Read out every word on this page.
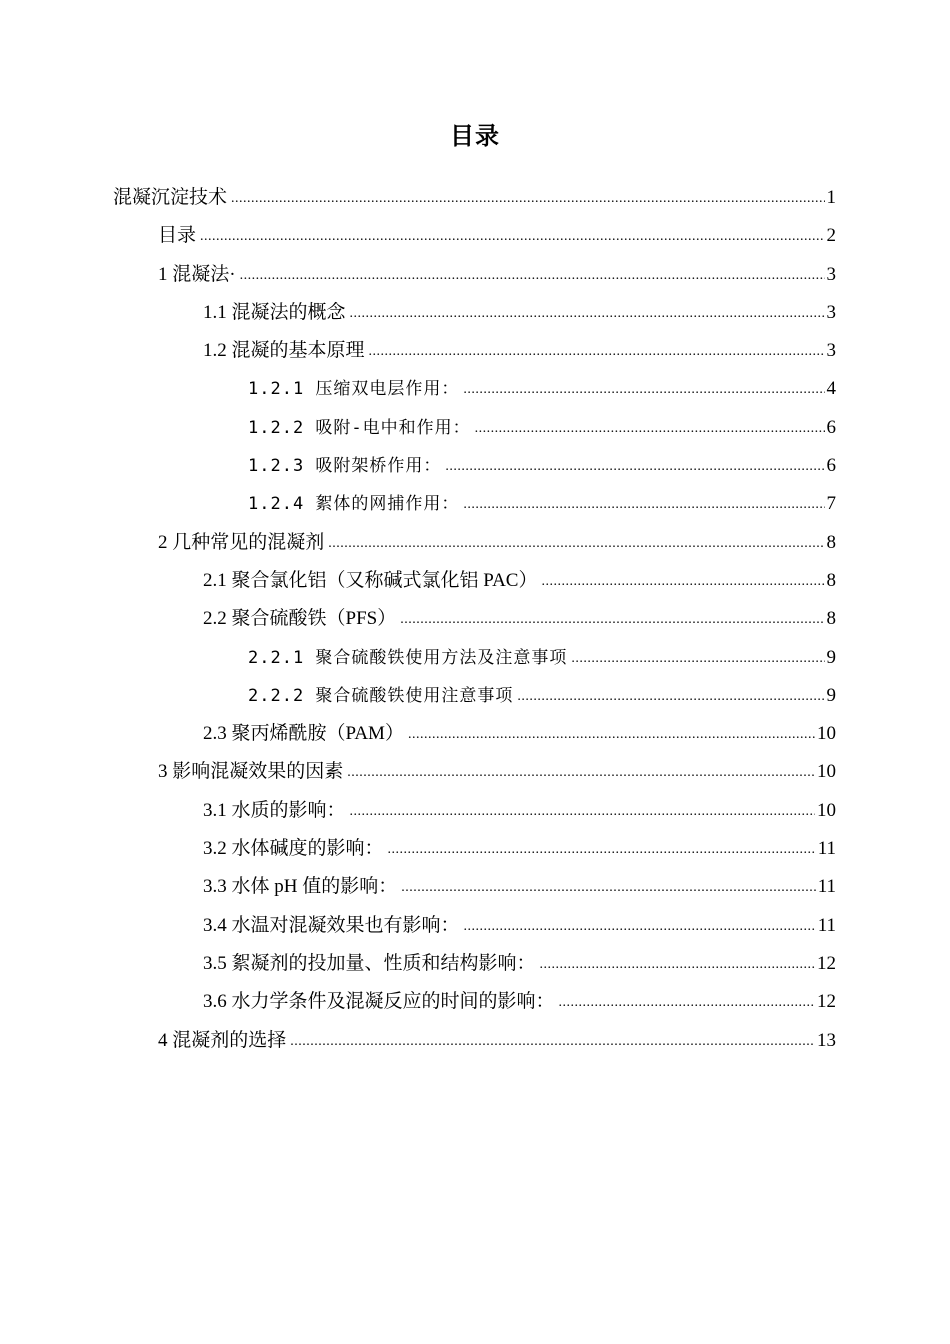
目录
混凝沉淀技术 .....	1
目录 .....	2
1 混凝法· .....	3
1.1 混凝法的概念 .....	3
1.2 混凝的基本原理 .....	3
1.2.1 压缩双电层作用： .....	4
1.2.2 吸附-电中和作用： .....	6
1.2.3 吸附架桥作用： .....	6
1.2.4 絮体的网捕作用： .....	7
2 几种常见的混凝剂 .....	8
2.1 聚合氯化铝（又称碱式氯化铝 PAC） .....	8
2.2 聚合硫酸铁（PFS） .....	8
2.2.1 聚合硫酸铁使用方法及注意事项 .....	9
2.2.2 聚合硫酸铁使用注意事项 .....	9
2.3 聚丙烯酰胺（PAM） .....	10
3 影响混凝效果的因素 .....	10
3.1 水质的影响： .....	10
3.2 水体碱度的影响： .....	11
3.3 水体 pH 值的影响： .....	11
3.4 水温对混凝效果也有影响： .....	11
3.5 絮凝剂的投加量、性质和结构影响： .....	12
3.6 水力学条件及混凝反应的时间的影响： .....	12
4 混凝剂的选择 .....	13
